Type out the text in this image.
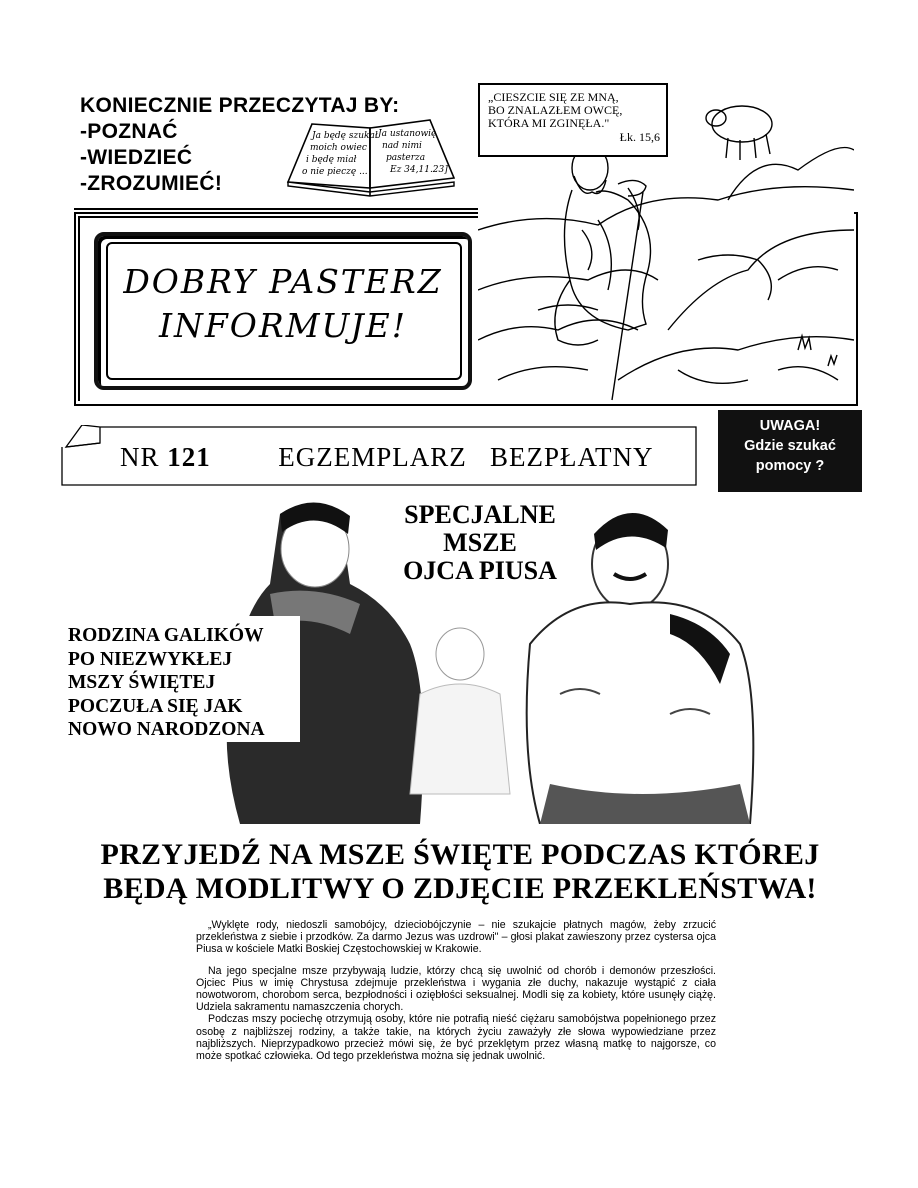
KONIECZNIE PRZECZYTAJ BY:
-POZNAĆ
-WIEDZIEĆ
-ZROZUMIEĆ!
Ja będę szukał
moich owiec
i będę miał
o nie pieczę ...
Ja ustanowię
nad nimi
pasterza
Ez 34,11.23]
DOBRY PASTERZ
INFORMUJE!
„CIESZCIE SIĘ ZE MNĄ,
BO ZNALAZŁEM OWCĘ,
KTÓRA MI ZGINĘŁA."
Łk. 15,6
NR 121	EGZEMPLARZ   BEZPŁATNY
UWAGA!
Gdzie szukać
pomocy ?
SPECJALNE
MSZE
OJCA PIUSA
RODZINA GALIKÓW
PO NIEZWYKŁEJ
MSZY ŚWIĘTEJ
POCZUŁA SIĘ JAK
NOWO NARODZONA
PRZYJEDŹ NA MSZE ŚWIĘTE PODCZAS KTÓREJ
BĘDĄ MODLITWY O ZDJĘCIE PRZEKLEŃSTWA!

„Wyklęte rody, niedoszli samobójcy, dzieciobójczynie – nie szukajcie płatnych magów, żeby zrzucić przekleństwa z siebie i przodków. Za darmo Jezus was uzdrowi" – głosi plakat zawieszony przez cystersa ojca Piusa w kościele Matki Boskiej Częstochowskiej w Krakowie.

Na jego specjalne msze przybywają ludzie, którzy chcą się uwolnić od chorób i demonów przeszłości. Ojciec Pius w imię Chrystusa zdejmuje przekleństwa i wygania złe duchy, nakazuje wystąpić z ciała nowotworom, chorobom serca, bezpłodności i oziębłości seksualnej. Modli się za kobiety, które usunęły ciążę. Udziela sakramentu namaszczenia chorych.

Podczas mszy pociechę otrzymują osoby, które nie potrafią nieść ciężaru samobójstwa popełnionego przez osobę z najbliższej rodziny, a także takie, na których życiu zaważyły złe słowa wypowiedziane przez najbliższych. Nieprzypadkowo przecież mówi się, że być przeklętym przez własną matkę to najgorsze, co może spotkać człowieka. Od tego przekleństwa można się jednak uwolnić.
